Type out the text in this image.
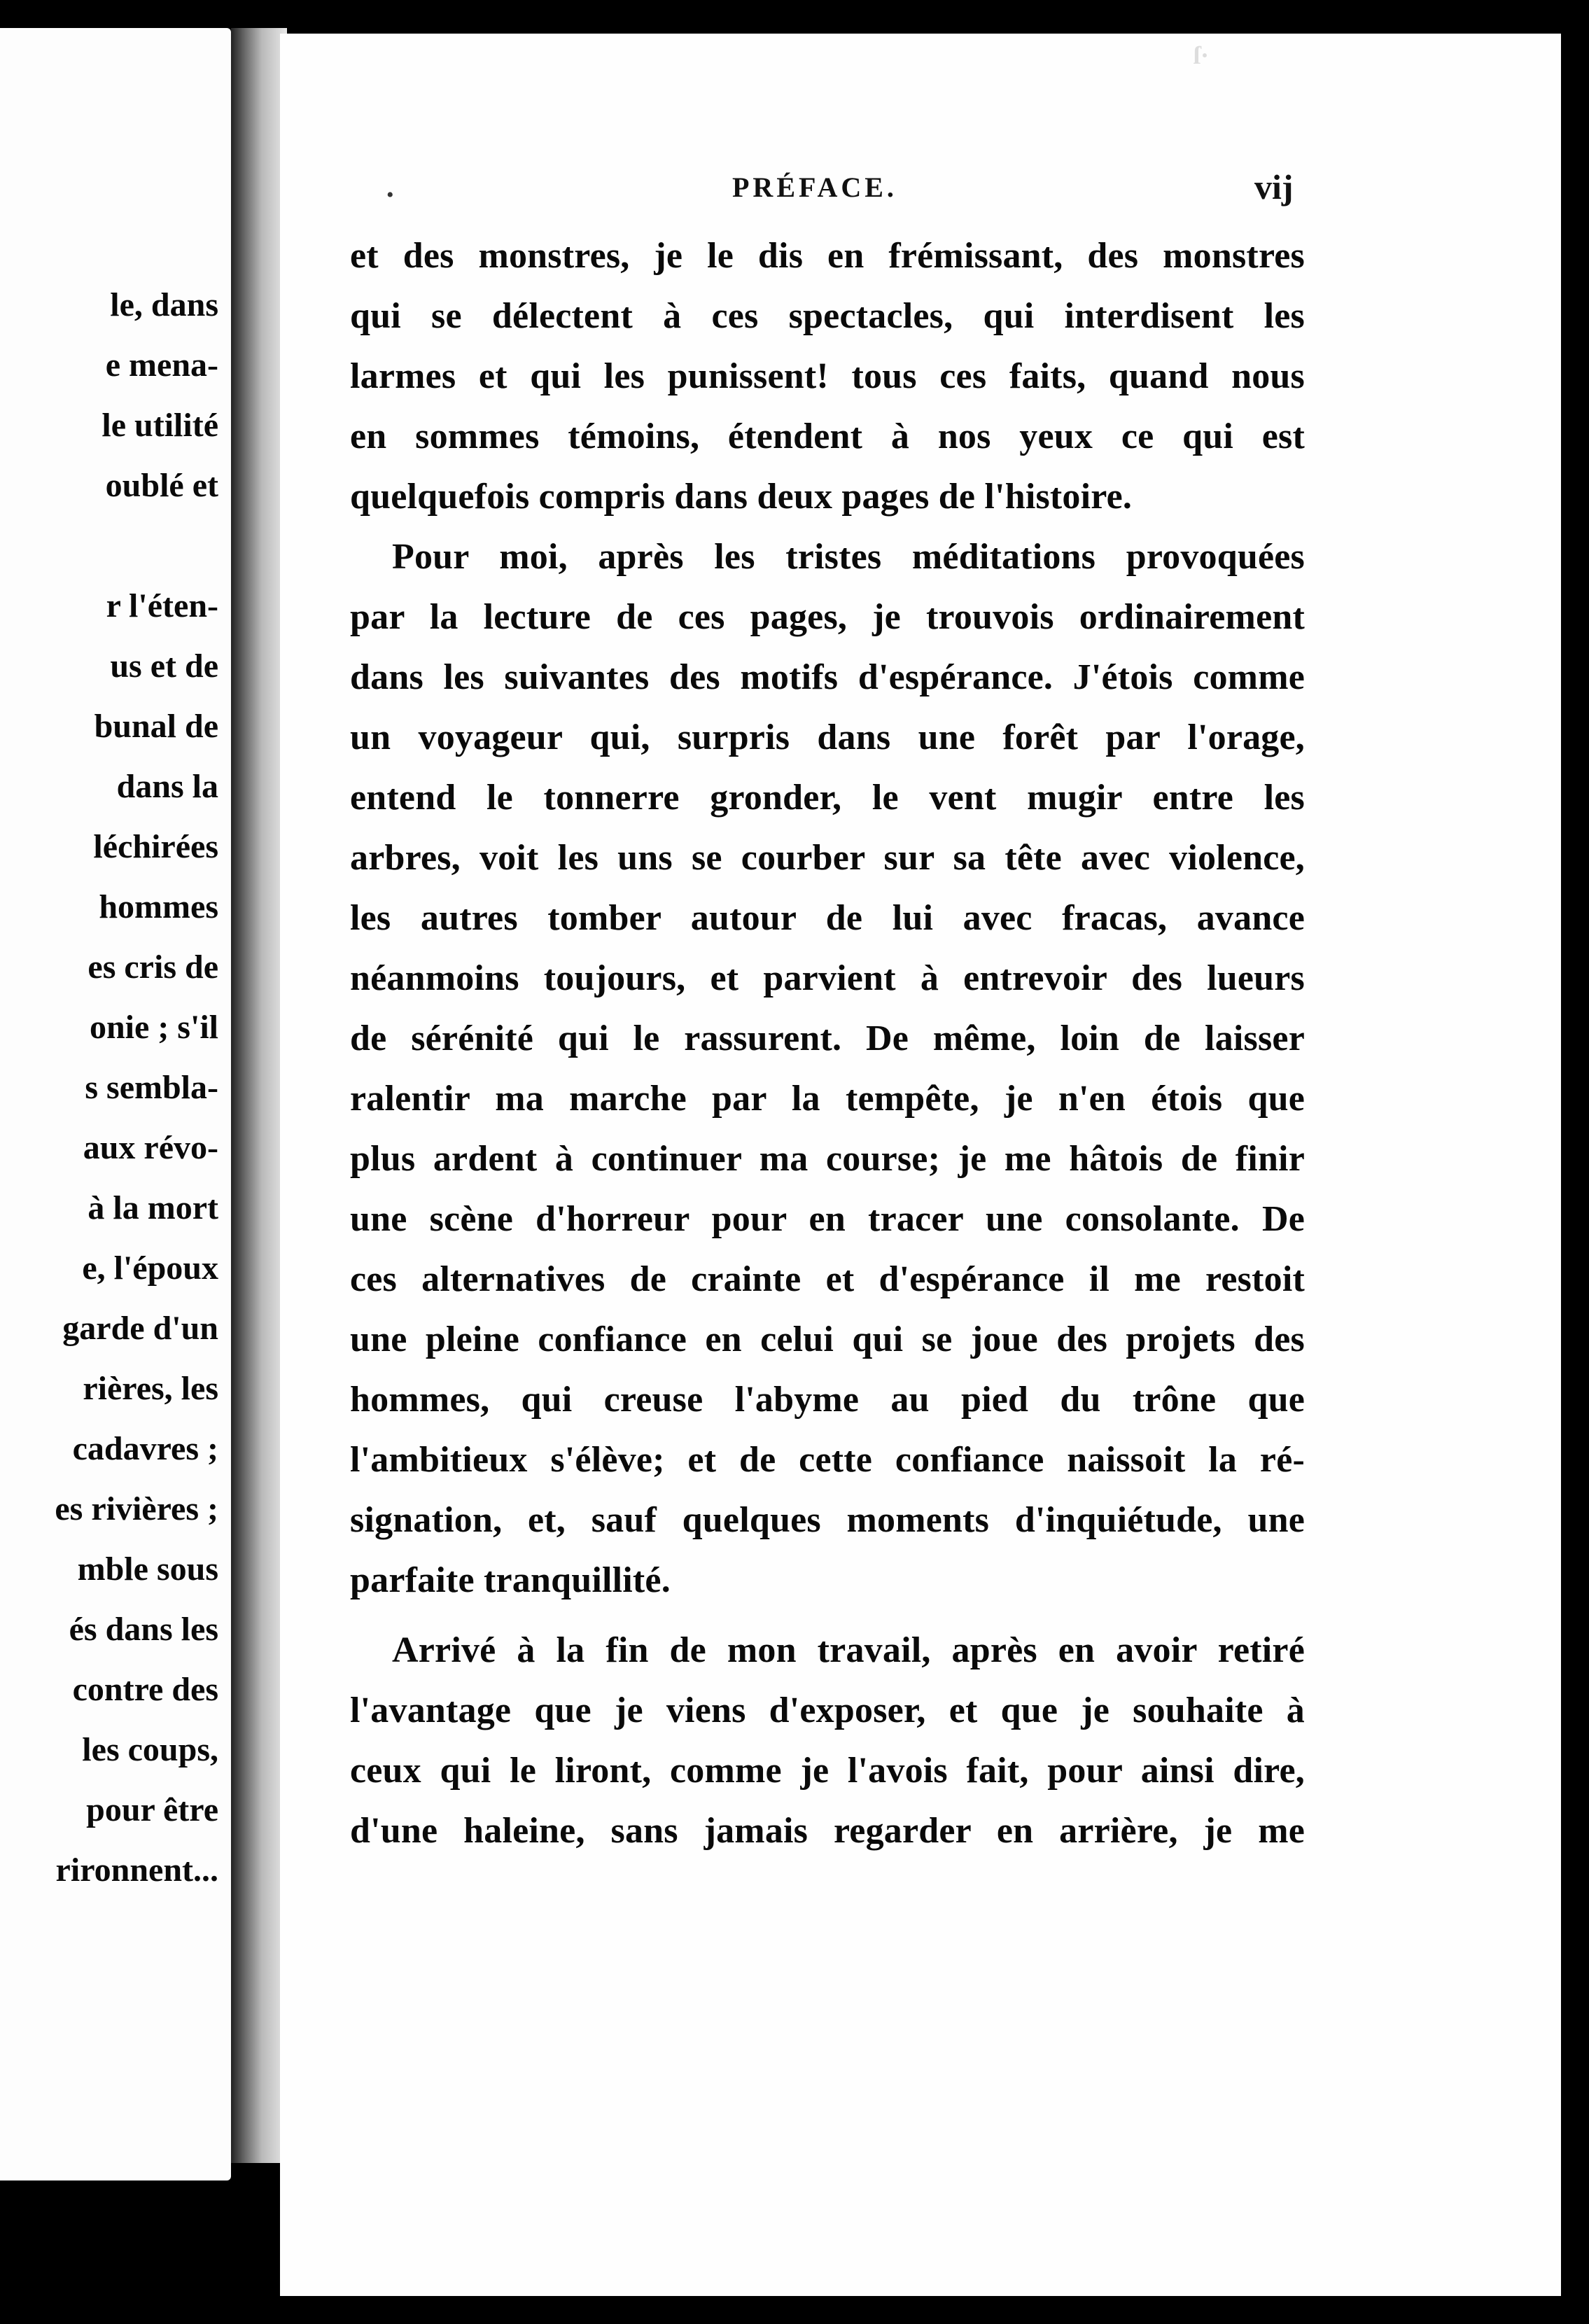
le, dans
e mena-
le utilité
oublé et
r l'éten-
us et de
bunal de
dans la
léchirées
hommes
es cris de
onie ; s'il
s sembla-
aux révo-
à la mort
e, l'époux
garde d'un
rières, les
cadavres ;
es rivières ;
mble sous
és dans les
contre des
les coups,
pour être
rironnent...
ſ·
•	PRÉFACE.	vij
et des monstres, je le dis en frémissant, des monstres
qui se délectent à ces spectacles, qui interdisent les
larmes et qui les punissent! tous ces faits, quand nous
en sommes témoins, étendent à nos yeux ce qui est
quelquefois compris dans deux pages de l'histoire.
Pour moi, après les tristes méditations provoquées
par la lecture de ces pages, je trouvois ordinairement
dans les suivantes des motifs d'espérance. J'étois comme
un voyageur qui, surpris dans une forêt par l'orage,
entend le tonnerre gronder, le vent mugir entre les
arbres, voit les uns se courber sur sa tête avec violence,
les autres tomber autour de lui avec fracas, avance
néanmoins toujours, et parvient à entrevoir des lueurs
de sérénité qui le rassurent. De même, loin de laisser
ralentir ma marche par la tempête, je n'en étois que
plus ardent à continuer ma course; je me hâtois de finir
une scène d'horreur pour en tracer une consolante. De
ces alternatives de crainte et d'espérance il me restoit
une pleine confiance en celui qui se joue des projets des
hommes, qui creuse l'abyme au pied du trône que
l'ambitieux s'élève; et de cette confiance naissoit la ré-
signation, et, sauf quelques moments d'inquiétude, une
parfaite tranquillité.
Arrivé à la fin de mon travail, après en avoir retiré
l'avantage que je viens d'exposer, et que je souhaite à
ceux qui le liront, comme je l'avois fait, pour ainsi dire,
d'une haleine, sans jamais regarder en arrière, je me
